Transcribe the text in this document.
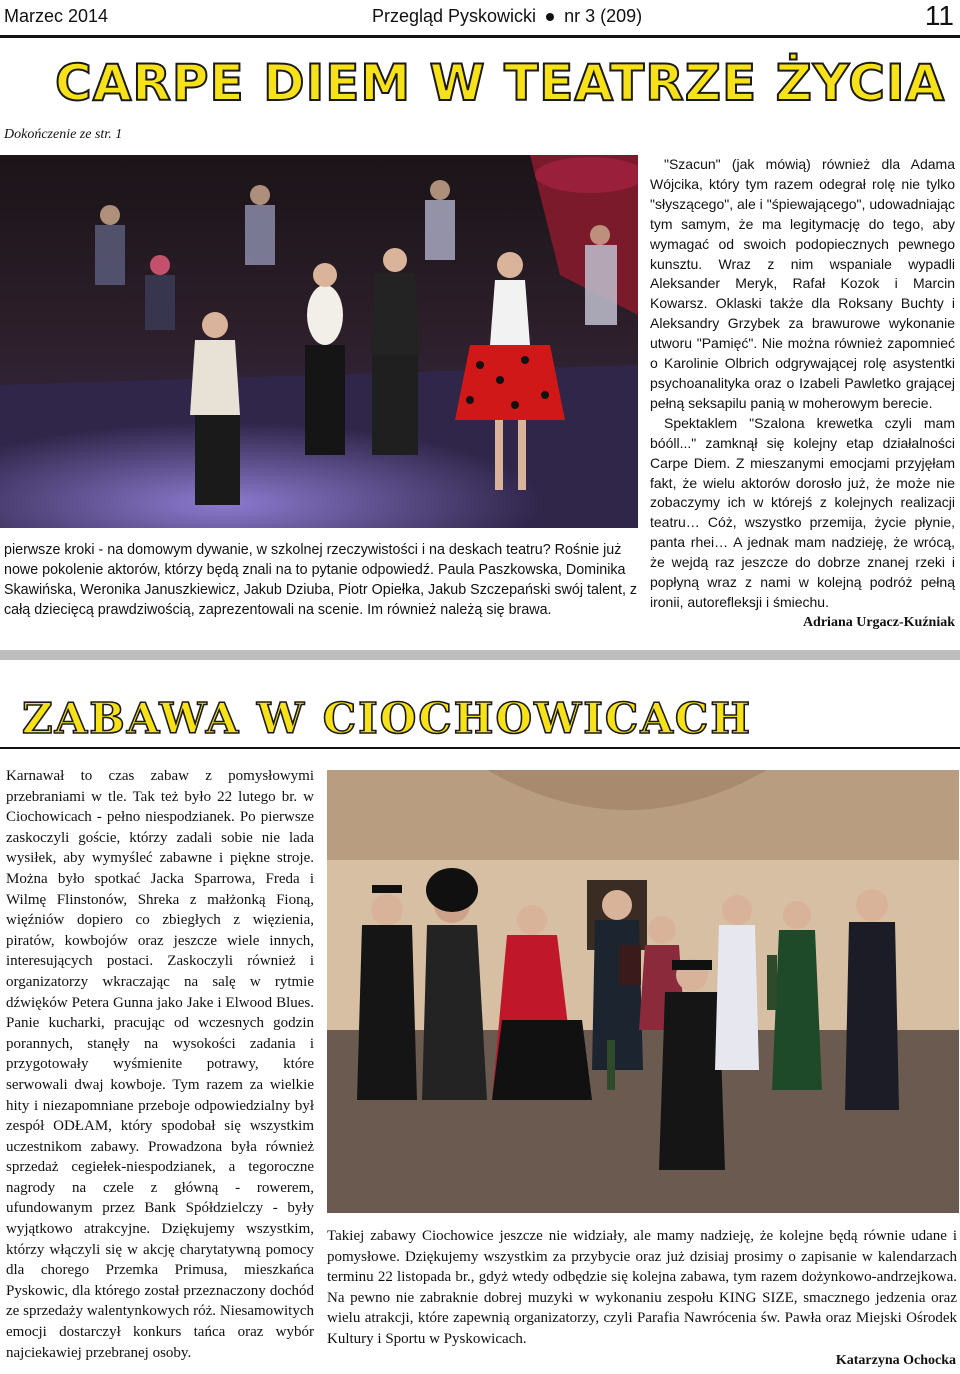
Marzec 2014	Przegląd Pyskowicki nr 3 (209)	11
CARPE DIEM W TEATRZE ŻYCIA
Dokończenie ze str. 1
pierwsze kroki - na domowym dywanie, w szkolnej rzeczywistości i na deskach teatru? Rośnie już nowe pokolenie aktorów, którzy będą znali na to pytanie odpowiedź. Paula Paszkowska, Dominika Skawińska, Weronika Januszkiewicz, Jakub Dziuba, Piotr Opiełka, Jakub Szczepański swój talent, z całą dziecięcą prawdziwością, zaprezentowali na scenie. Im również należą się brawa.

"Szacun" (jak mówią) również dla Adama Wójcika, który tym razem odegrał rolę nie tylko "słyszącego", ale i "śpiewającego", udowadniając tym samym, że ma legitymację do tego, aby wymagać od swoich podopiecznych pewnego kunsztu. Wraz z nim wspaniale wypadli Aleksander Meryk, Rafał Kozok i Marcin Kowarsz. Oklaski także dla Roksany Buchty i Aleksandry Grzybek za brawurowe wykonanie utworu "Pamięć". Nie można również zapomnieć o Karolinie Olbrich odgrywającej rolę asystentki psychoanalityka oraz o Izabeli Pawletko grającej pełną seksapilu panią w moherowym berecie.

Spektaklem "Szalona krewetka czyli mam bóóll..." zamknął się kolejny etap działalności Carpe Diem. Z mieszanymi emocjami przyjęłam fakt, że wielu aktorów dorosło już, że może nie zobaczymy ich w którejś z kolejnych realizacji teatru… Cóż, wszystko przemija, życie płynie, panta rhei… A jednak mam nadzieję, że wrócą, że wejdą raz jeszcze do dobrze znanej rzeki i popłyną wraz z nami w kolejną podróż pełną ironii, autorefleksji i śmiechu.

Adriana Urgacz-Kuźniak

ZABAWA W CIOCHOWICACH
Karnawał to czas zabaw z pomysłowymi przebraniami w tle. Tak też było 22 lutego br. w Ciochowicach - pełno niespodzianek. Po pierwsze zaskoczyli goście, którzy zadali sobie nie lada wysiłek, aby wymyśleć zabawne i piękne stroje. Można było spotkać Jacka Sparrowa, Freda i Wilmę Flinstonów, Shreka z małżonką Fioną, więźniów dopiero co zbiegłych z więzienia, piratów, kowbojów oraz jeszcze wiele innych, interesujących postaci. Zaskoczyli również i organizatorzy wkraczając na salę w rytmie dźwięków Petera Gunna jako Jake i Elwood Blues. Panie kucharki, pracując od wczesnych godzin porannych, stanęły na wysokości zadania i przygotowały wyśmienite potrawy, które serwowali dwaj kowboje. Tym razem za wielkie hity i niezapomniane przeboje odpowiedzialny był zespół ODŁAM, który spodobał się wszystkim uczestnikom zabawy. Prowadzona była również sprzedaż cegiełek-niespodzianek, a tegoroczne nagrody na czele z główną - rowerem, ufundowanym przez Bank Spółdzielczy - były wyjątkowo atrakcyjne. Dziękujemy wszystkim, którzy włączyli się w akcję charytatywną pomocy dla chorego Przemka Primusa, mieszkańca Pyskowic, dla którego został przeznaczony dochód ze sprzedaży walentynkowych róż. Niesamowitych emocji dostarczył konkurs tańca oraz wybór najciekawiej przebranej osoby.
Takiej zabawy Ciochowice jeszcze nie widziały, ale mamy nadzieję, że kolejne będą równie udane i pomysłowe. Dziękujemy wszystkim za przybycie oraz już dzisiaj prosimy o zapisanie w kalendarzach terminu 22 listopada br., gdyż wtedy odbędzie się kolejna zabawa, tym razem dożynkowo-andrzejkowa. Na pewno nie zabraknie dobrej muzyki w wykonaniu zespołu KING SIZE, smacznego jedzenia oraz wielu atrakcji, które zapewnią organizatorzy, czyli Parafia Nawrócenia św. Pawła oraz Miejski Ośrodek Kultury i Sportu w Pyskowicach.
Katarzyna Ochocka
